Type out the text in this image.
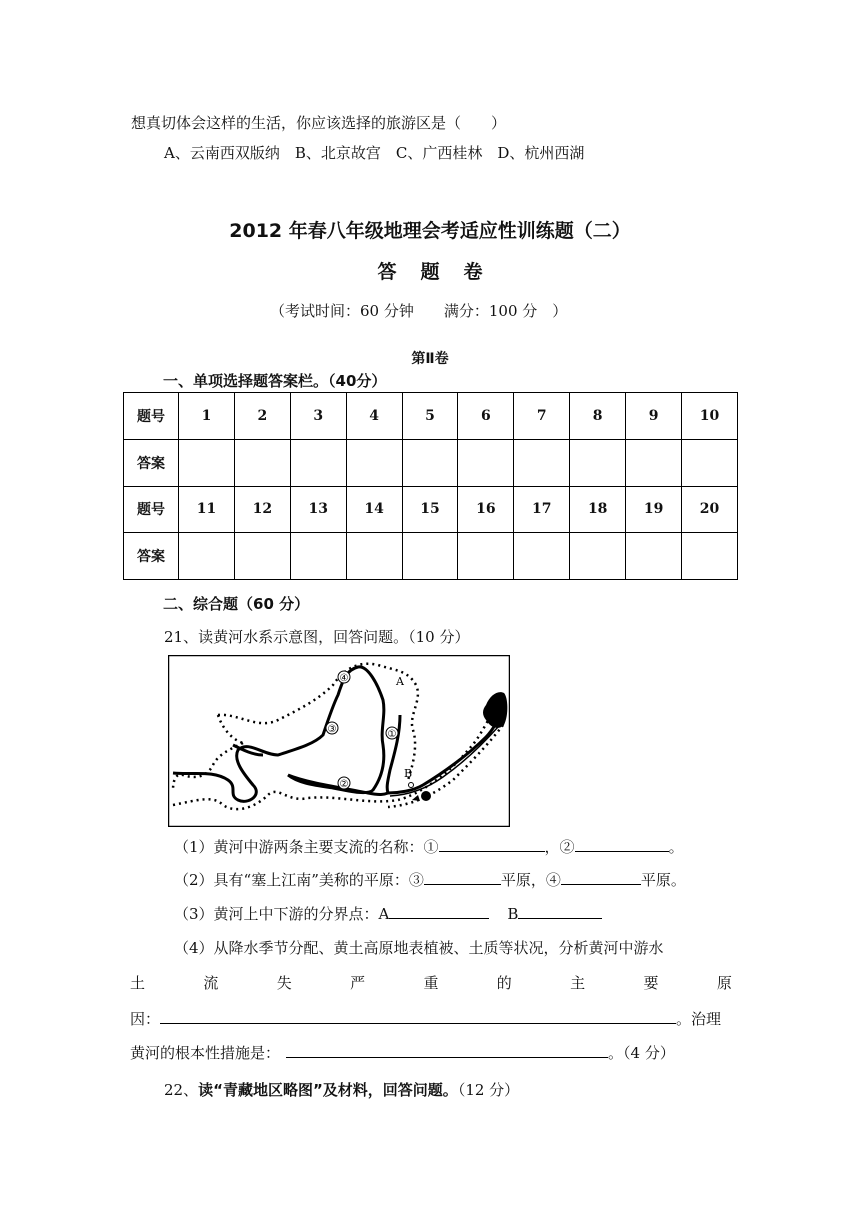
想真切体会这样的生活，你应该选择的旅游区是（　　）
A、云南西双版纳　B、北京故宫　C、广西桂林　D、杭州西湖
2012 年春八年级地理会考适应性训练题（二）
答题卷
（考试时间：60 分钟　　满分：100 分　）
第Ⅱ卷
一、单项选择题答案栏。（40分）
题号	1	2	3	4	5	6	7	8	9	10
答案										
题号	11	12	13	14	15	16	17	18	19	20
答案										
二、综合题（60 分）
21、读黄河水系示意图，回答问题。（10 分）
④	A
③	①
②
B
（1）黄河中游两条主要支流的名称：①	，②	。
（2）具有“塞上江南”美称的平原：③	平原，④	平原。
（3）黄河上中下游的分界点：A	B
（4）从降水季节分配、黄土高原地表植被、土质等状况，分析黄河中游水
土	流	失	严	重	的	主	要	原
因：	。治理
黄河的根本性措施是：	。（4 分）
22、读“青藏地区略图”及材料，回答问题。（12 分）
